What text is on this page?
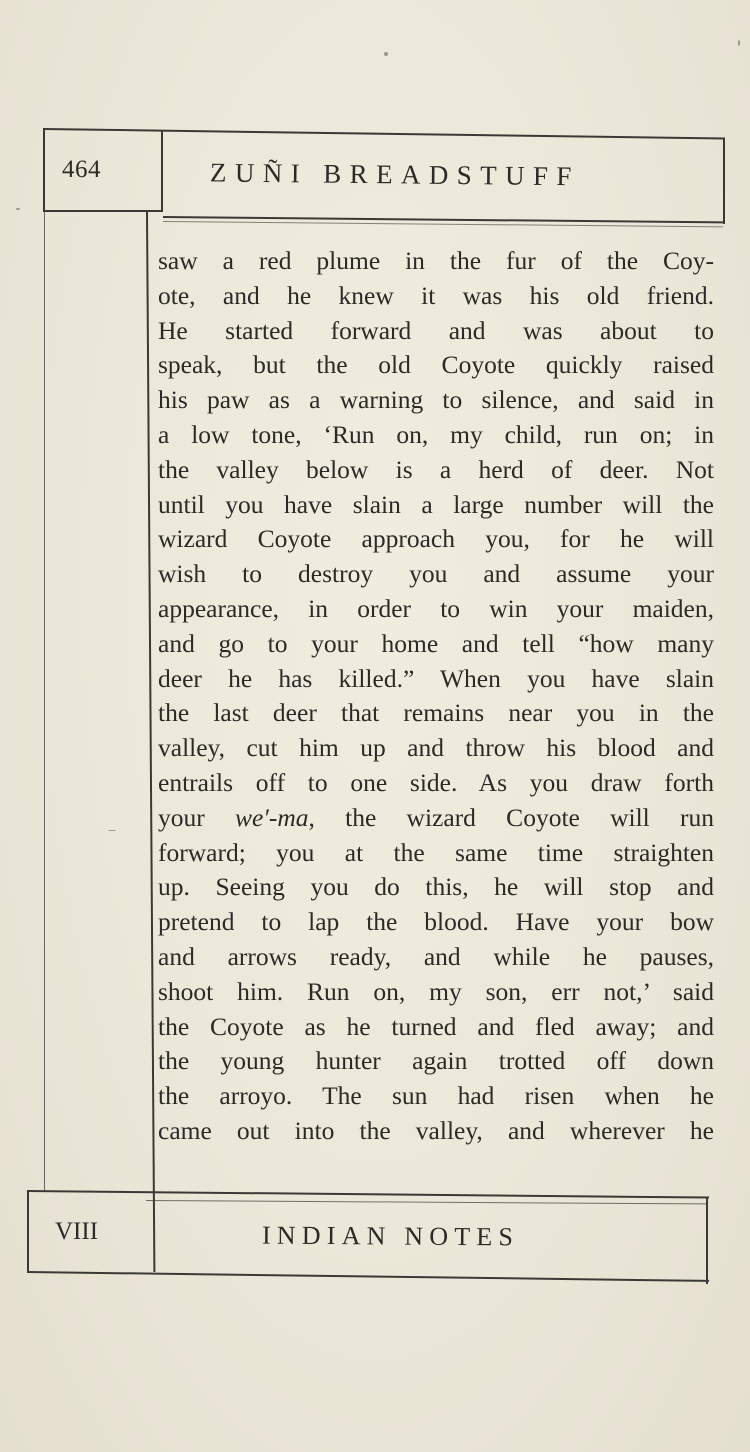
464	ZUÑI BREADSTUFF
saw a red plume in the fur of the Coy-
ote, and he knew it was his old friend.
He started forward and was about to
speak, but the old Coyote quickly raised
his paw as a warning to silence, and said in
a low tone, ‘Run on, my child, run on; in
the valley below is a herd of deer. Not
until you have slain a large number will the
wizard Coyote approach you, for he will
wish to destroy you and assume your
appearance, in order to win your maiden,
and go to your home and tell “how many
deer he has killed.” When you have slain
the last deer that remains near you in the
valley, cut him up and throw his blood and
entrails off to one side. As you draw forth
your we′-ma, the wizard Coyote will run
forward; you at the same time straighten
up. Seeing you do this, he will stop and
pretend to lap the blood. Have your bow
and arrows ready, and while he pauses,
shoot him. Run on, my son, err not,’ said
the Coyote as he turned and fled away; and
the young hunter again trotted off down
the arroyo. The sun had risen when he
came out into the valley, and wherever he
VIII	INDIAN NOTES
